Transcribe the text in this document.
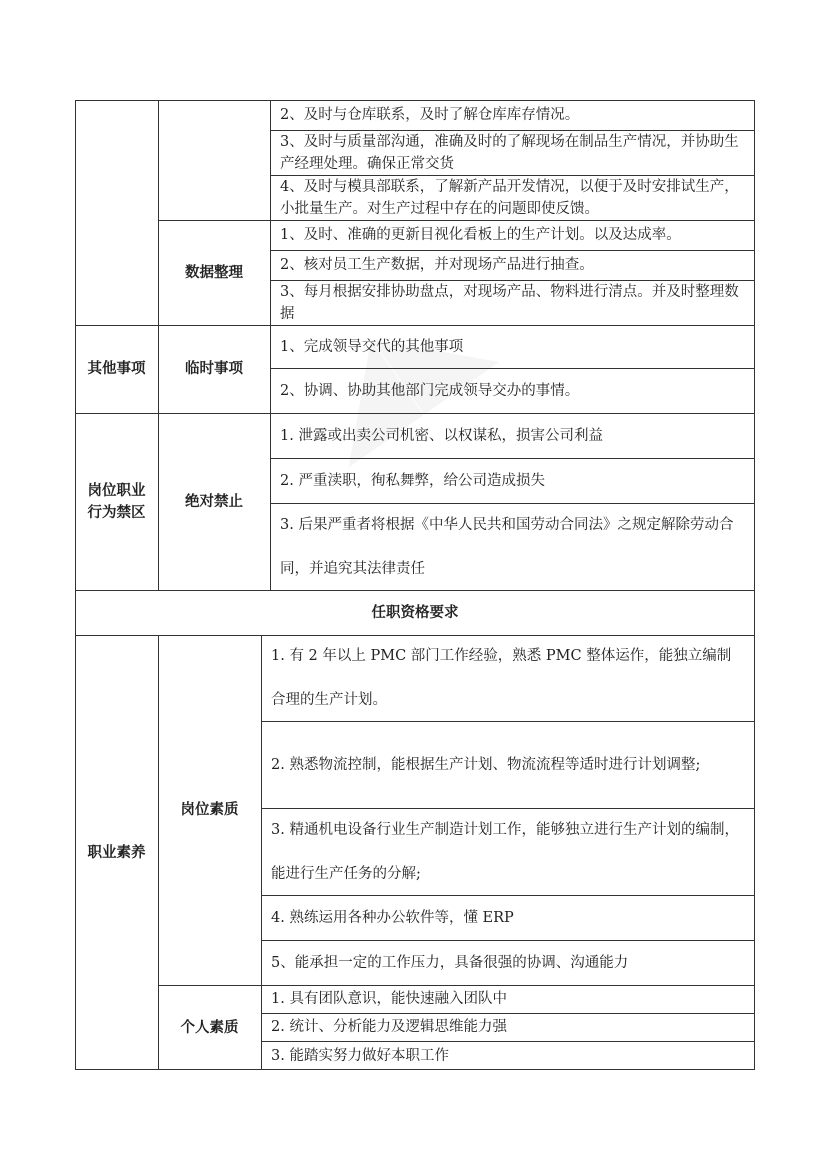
2、及时与仓库联系，及时了解仓库库存情况。
3、及时与质量部沟通，准确及时的了解现场在制品生产情况，并协助生产经理处理。确保正常交货
4、及时与模具部联系，了解新产品开发情况，以便于及时安排试生产，小批量生产。对生产过程中存在的问题即使反馈。
数据整理
1、及时、准确的更新目视化看板上的生产计划。以及达成率。
2、核对员工生产数据，并对现场产品进行抽查。
3、每月根据安排协助盘点，对现场产品、物料进行清点。并及时整理数据
其他事项	临时事项
1、完成领导交代的其他事项
2、协调、协助其他部门完成领导交办的事情。
岗位职业行为禁区
绝对禁止
1. 泄露或出卖公司机密、以权谋私，损害公司利益
2. 严重渎职，徇私舞弊，给公司造成损失
3. 后果严重者将根据《中华人民共和国劳动合同法》之规定解除劳动合同，并追究其法律责任
任职资格要求
职业素养
岗位素质
1. 有 2 年以上 PMC 部门工作经验，熟悉 PMC 整体运作，能独立编制合理的生产计划。
2. 熟悉物流控制，能根据生产计划、物流流程等适时进行计划调整;
3. 精通机电设备行业生产制造计划工作，能够独立进行生产计划的编制，能进行生产任务的分解;
4. 熟练运用各种办公软件等，懂 ERP
5、能承担一定的工作压力，具备很强的协调、沟通能力
个人素质
1. 具有团队意识，能快速融入团队中
2. 统计、分析能力及逻辑思维能力强
3. 能踏实努力做好本职工作
